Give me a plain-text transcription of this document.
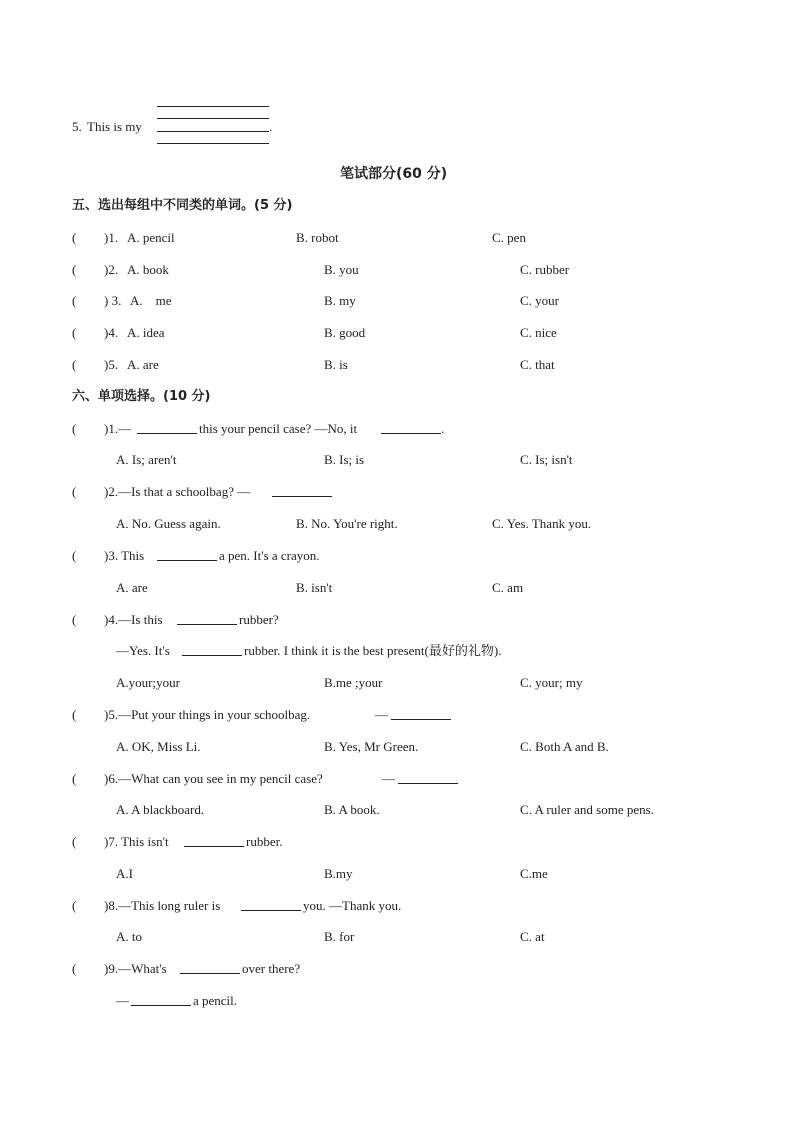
5. This is my	.
笔试部分(60 分)
五、选出每组中不同类的单词。(5 分)
( )1. A. pencil	B. robot	C. pen
( )2. A. book	B. you	C. rubber
( ) 3. A.    me	B. my	C. your
( )4. A. idea	B. good	C. nice
( )5. A. are	B. is	C. that
六、单项选择。(10 分)
( )1.—	this your pencil case? —No, it	.
A. Is; aren't	B. Is; is	C. Is; isn't
( )2.—Is that a schoolbag? —
A. No. Guess again.	B. No. You're right.	C. Yes. Thank you.
( )3. This	a pen. It's a crayon.
A. are	B. isn't	C. am
( )4.—Is this	rubber?
—Yes. It's	rubber. I think it is the best present(最好的礼物).
A.your;your	B.me ;your	C. your; my
( )5.—Put your things in your schoolbag.	—
A. OK, Miss Li.	B. Yes, Mr Green.	C. Both A and B.
( )6.—What can you see in my pencil case?	—
A. A blackboard.	B. A book.	C. A ruler and some pens.
( )7. This isn't	rubber.
A.I	B.my	C.me
( )8.—This long ruler is	you. —Thank you.
A. to	B. for	C. at
( )9.—What's	over there?
—	a pencil.
